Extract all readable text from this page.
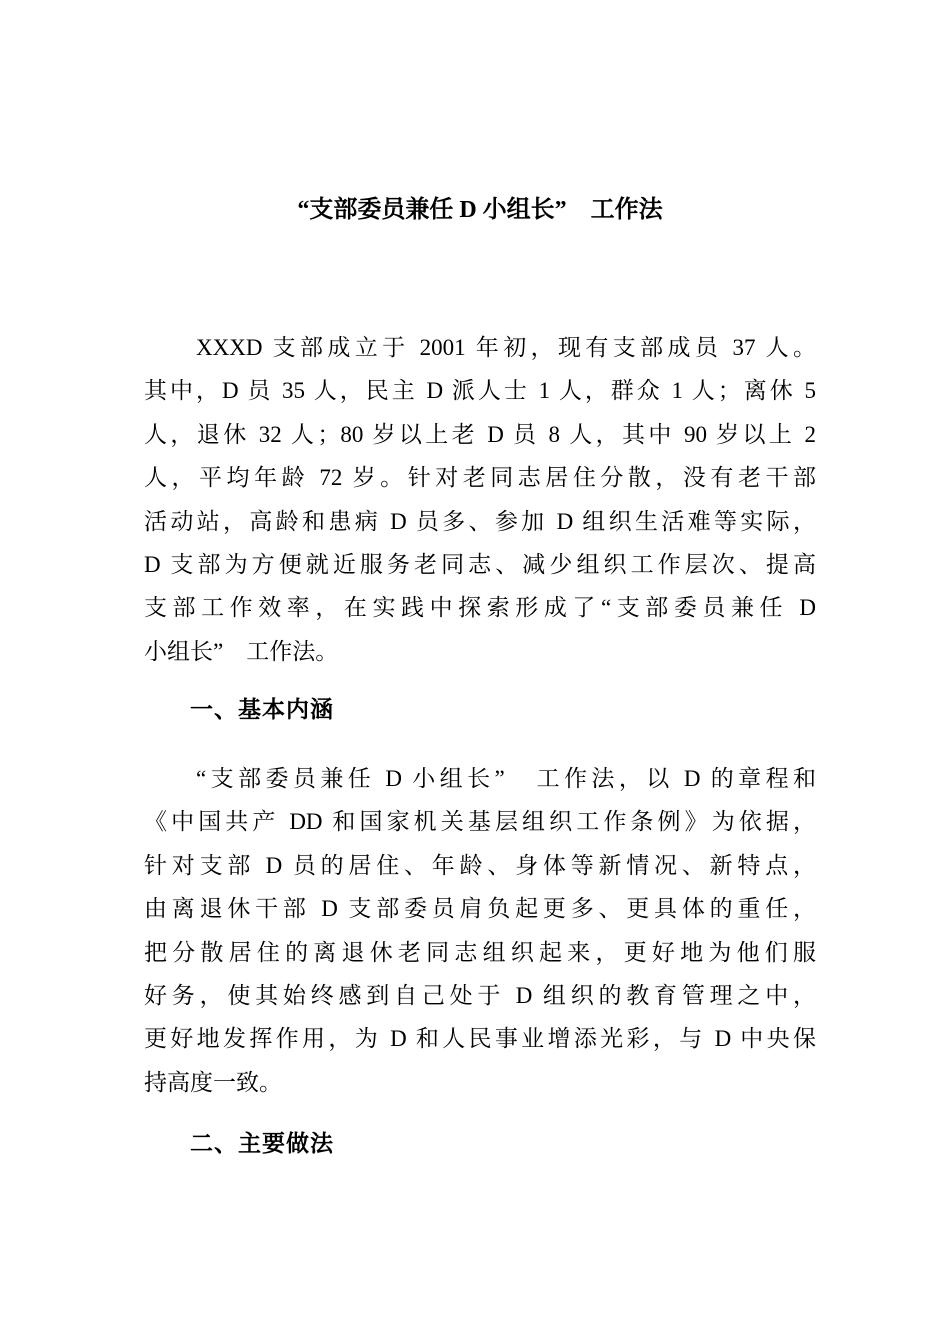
“支部委员兼任 D 小组长”　工作法
XXXD 支部成立于 2001 年初，现有支部成员 37 人。
其中，D 员 35 人，民主 D 派人士 1 人，群众 1 人；离休 5
人，退休 32 人；80 岁以上老 D 员 8 人，其中 90 岁以上 2
人，平均年龄 72 岁。针对老同志居住分散，没有老干部
活动站，高龄和患病 D 员多、参加 D 组织生活难等实际，
D 支部为方便就近服务老同志、减少组织工作层次、提高
支部工作效率，在实践中探索形成了“支部委员兼任 D
小组长”　工作法。
一、基本内涵
“支部委员兼任 D 小组长”　工作法，以 D 的章程和
《中国共产 DD 和国家机关基层组织工作条例》为依据，
针对支部 D 员的居住、年龄、身体等新情况、新特点，
由离退休干部 D 支部委员肩负起更多、更具体的重任，
把分散居住的离退休老同志组织起来，更好地为他们服
好务，使其始终感到自己处于 D 组织的教育管理之中，
更好地发挥作用，为 D 和人民事业增添光彩，与 D 中央保
持高度一致。
二、主要做法
